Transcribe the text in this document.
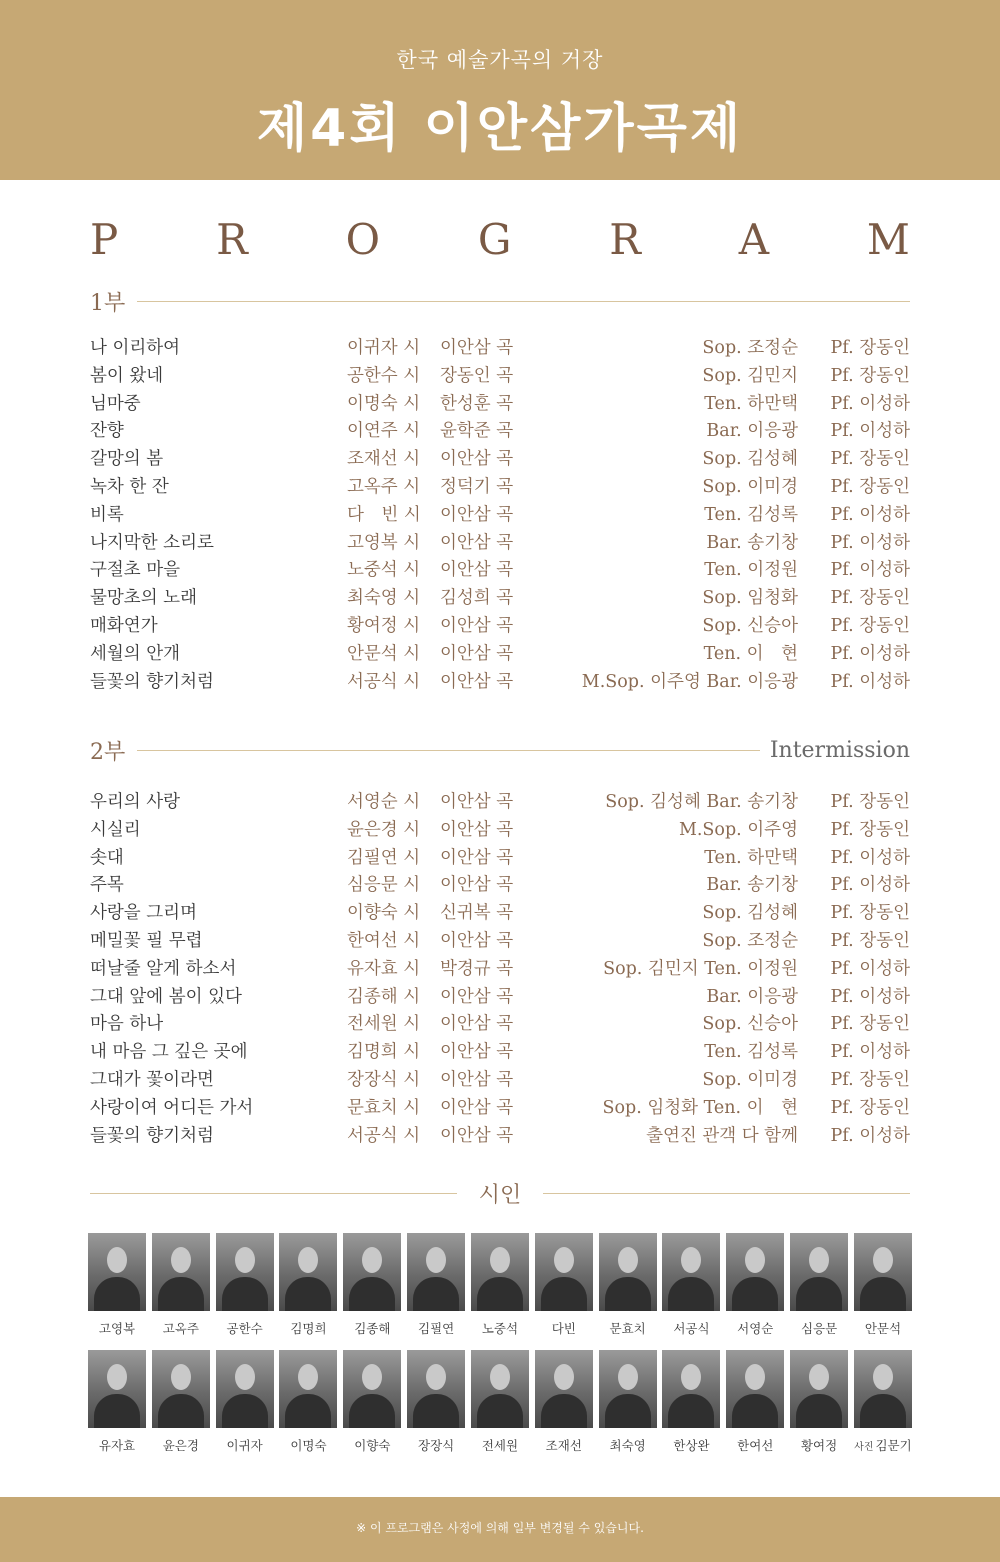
한국 예술가곡의 거장
제4회 이안삼가곡제
P R O G R A M
1부
나 이리하여	이귀자 시 이안삼 곡	Sop. 조정순 Pf. 장동인
봄이 왔네	공한수 시 장동인 곡	Sop. 김민지 Pf. 장동인
님마중	이명숙 시 한성훈 곡	Ten. 하만택 Pf. 이성하
잔향	이연주 시 윤학준 곡	Bar. 이응광 Pf. 이성하
갈망의 봄	조재선 시 이안삼 곡	Sop. 김성혜 Pf. 장동인
녹차 한 잔	고옥주 시 정덕기 곡	Sop. 이미경 Pf. 장동인
비록	다　빈 시 이안삼 곡	Ten. 김성록 Pf. 이성하
나지막한 소리로	고영복 시 이안삼 곡	Bar. 송기창 Pf. 이성하
구절초 마을	노중석 시 이안삼 곡	Ten. 이정원 Pf. 이성하
물망초의 노래	최숙영 시 김성희 곡	Sop. 임청화 Pf. 장동인
매화연가	황여정 시 이안삼 곡	Sop. 신승아 Pf. 장동인
세월의 안개	안문석 시 이안삼 곡	Ten. 이　현 Pf. 이성하
들꽃의 향기처럼	서공식 시 이안삼 곡	M.Sop. 이주영 Bar. 이응광 Pf. 이성하
2부	Intermission
우리의 사랑	서영순 시 이안삼 곡	Sop. 김성혜 Bar. 송기창 Pf. 장동인
시실리	윤은경 시 이안삼 곡	M.Sop. 이주영 Pf. 장동인
솟대	김필연 시 이안삼 곡	Ten. 하만택 Pf. 이성하
주목	심응문 시 이안삼 곡	Bar. 송기창 Pf. 이성하
사랑을 그리며	이향숙 시 신귀복 곡	Sop. 김성혜 Pf. 장동인
메밀꽃 필 무렵	한여선 시 이안삼 곡	Sop. 조정순 Pf. 장동인
떠날줄 알게 하소서	유자효 시 박경규 곡	Sop. 김민지 Ten. 이정원 Pf. 이성하
그대 앞에 봄이 있다	김종해 시 이안삼 곡	Bar. 이응광 Pf. 이성하
마음 하나	전세원 시 이안삼 곡	Sop. 신승아 Pf. 장동인
내 마음 그 깊은 곳에	김명희 시 이안삼 곡	Ten. 김성록 Pf. 이성하
그대가 꽃이라면	장장식 시 이안삼 곡	Sop. 이미경 Pf. 장동인
사랑이여 어디든 가서	문효치 시 이안삼 곡	Sop. 임청화 Ten. 이　현 Pf. 장동인
들꽃의 향기처럼	서공식 시 이안삼 곡	출연진 관객 다 함께 Pf. 이성하
시인
고영복 고옥주 공한수 김명희 김종해 김필연 노중석	다빈	문효치 서공식 서영순 심응문 안문석
유자효 윤은경 이귀자 이명숙 이향숙 장장식 전세원 조재선 최숙영 한상완 한여선 황여정 사진 김문기
※ 이 프로그램은 사정에 의해 일부 변경될 수 있습니다.
